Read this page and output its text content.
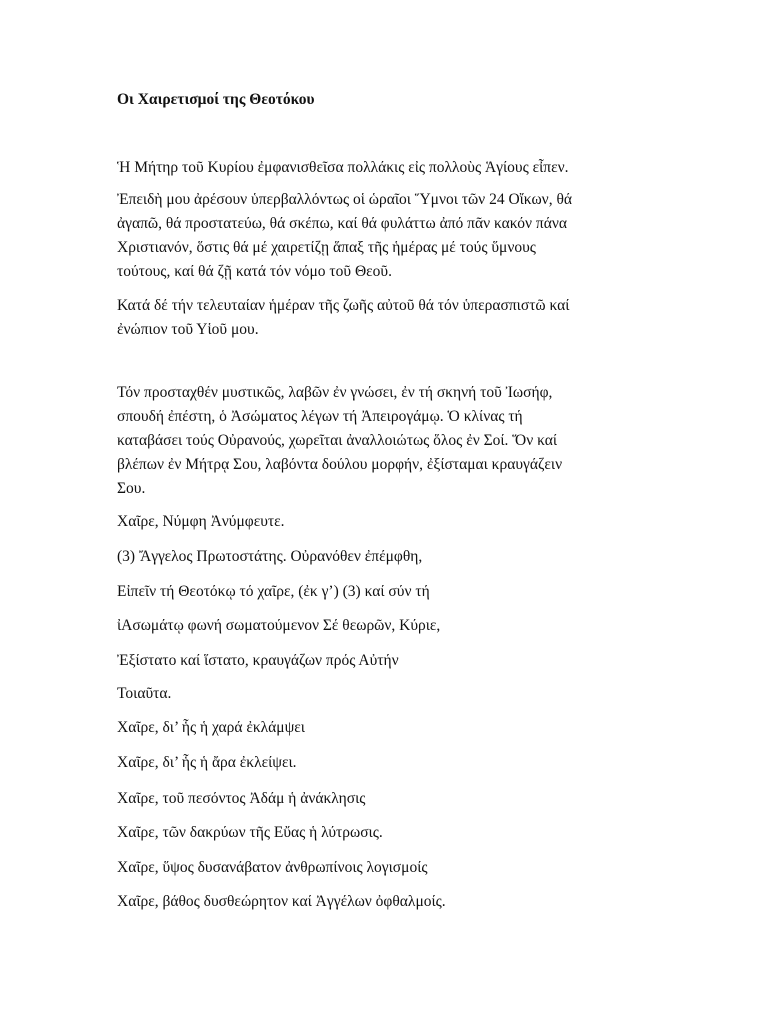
Οι Χαιρετισμοί της Θεοτόκου

Ἡ Μήτηρ τοῦ Κυρίου ἐμφανισθεῖσα πολλάκις εἰς πολλοὺς Ἁγίους εἶπεν.

Ἐπειδὴ μου ἀρέσουν ὑπερβαλλόντως οἱ ὡραῖοι Ὕμνοι τῶν 24 Οἴκων, θά
ἀγαπῶ, θά προστατεύω, θά σκέπω, καί θά φυλάττω ἀπό πᾶν κακόν πάνα
Χριστιανόν, ὅστις θά μέ χαιρετίζῃ ἅπαξ τῆς ἡμέρας μέ τούς ὕμνους
τούτους, καί θά ζῇ κατά τόν νόμο τοῦ Θεοῦ.

Κατά δέ τήν τελευταίαν ἡμέραν τῆς ζωῆς αὐτοῦ θά τόν ὑπερασπιστῶ καί
ἐνώπιον τοῦ Υἱοῦ μου.

Τόν προσταχθέν μυστικῶς, λαβῶν ἐν γνώσει, ἐν τή σκηνή τοῦ Ἰωσήφ,
σπουδή ἐπέστη, ὁ Ἀσώματος λέγων τή Ἀπειρογάμῳ. Ὁ κλίνας τή
καταβάσει τούς Οὐρανούς, χωρεῖται ἀναλλοιώτως ὅλος ἐν Σοί. Ὅν καί
βλέπων ἐν Μήτρᾳ Σου, λαβόντα δούλου μορφήν, ἐξίσταμαι κραυγάζειν
Σου.

Χαῖρε, Νύμφη Ἀνύμφευτε.
(3) Ἄγγελος Πρωτοστάτης. Οὐρανόθεν ἐπέμφθη,
Εἰπεῖν τή Θεοτόκῳ τό χαῖρε, (ἐκ γ’) (3) καί σύν τή
ἰΑσωμάτῳ φωνή σωματούμενον Σέ θεωρῶν, Κύριε,
Ἐξίστατο καί ἵστατο, κραυγάζων πρός Αὐτήν
Τοιαῦτα.
Χαῖρε, δι’ ἧς ἡ χαρά ἐκλάμψει
Χαῖρε, δι’ ἧς ἡ ἄρα ἐκλείψει.
Χαῖρε, τοῦ πεσόντος Ἀδάμ ἡ ἀνάκλησις
Χαῖρε, τῶν δακρύων τῆς Εὔας ἡ λύτρωσις.
Χαῖρε, ὕψος δυσανάβατον ἀνθρωπίνοις λογισμοίς
Χαῖρε, βάθος δυσθεώρητον καί Ἀγγέλων ὀφθαλμοίς.
